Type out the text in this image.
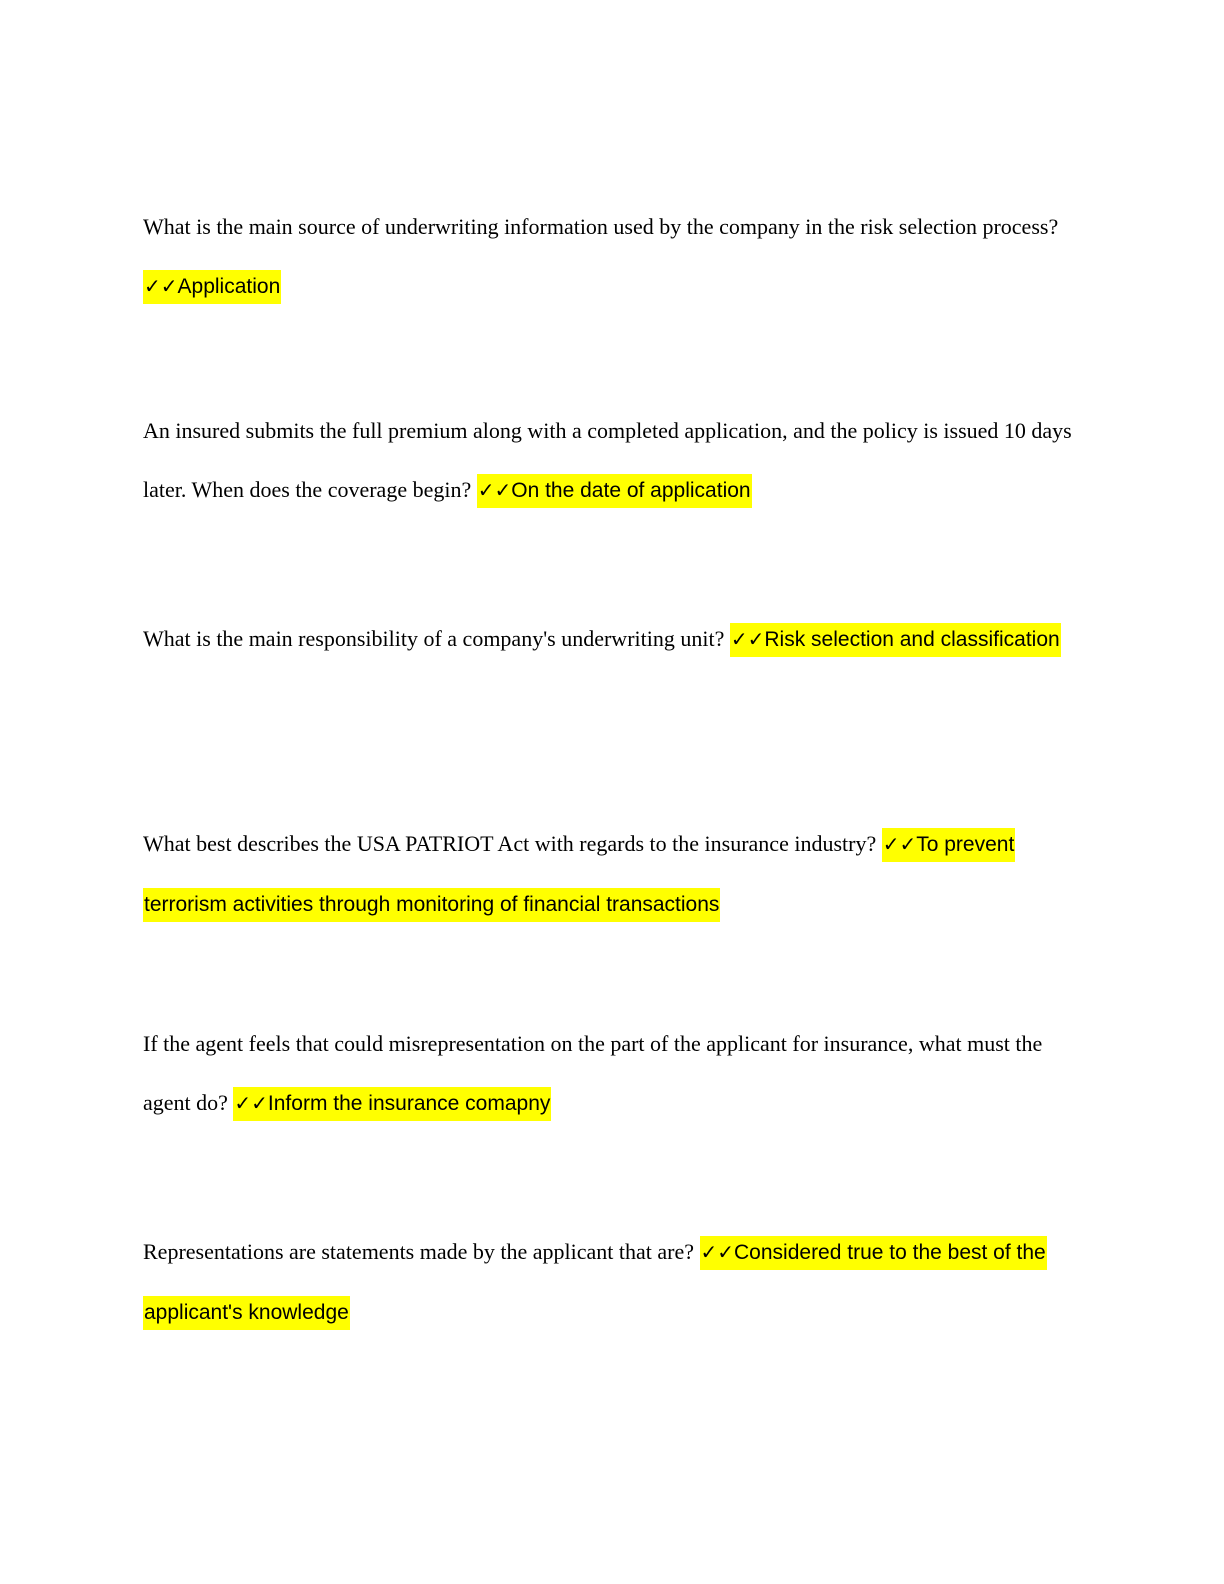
What is the main source of underwriting information used by the company in the risk selection process? ✓✓Application

An insured submits the full premium along with a completed application, and the policy is issued 10 days later. When does the coverage begin? ✓✓On the date of application

What is the main responsibility of a company's underwriting unit? ✓✓Risk selection and classification

What best describes the USA PATRIOT Act with regards to the insurance industry? ✓✓To prevent terrorism activities through monitoring of financial transactions

If the agent feels that could misrepresentation on the part of the applicant for insurance, what must the agent do? ✓✓Inform the insurance comapny

Representations are statements made by the applicant that are? ✓✓Considered true to the best of the applicant's knowledge
